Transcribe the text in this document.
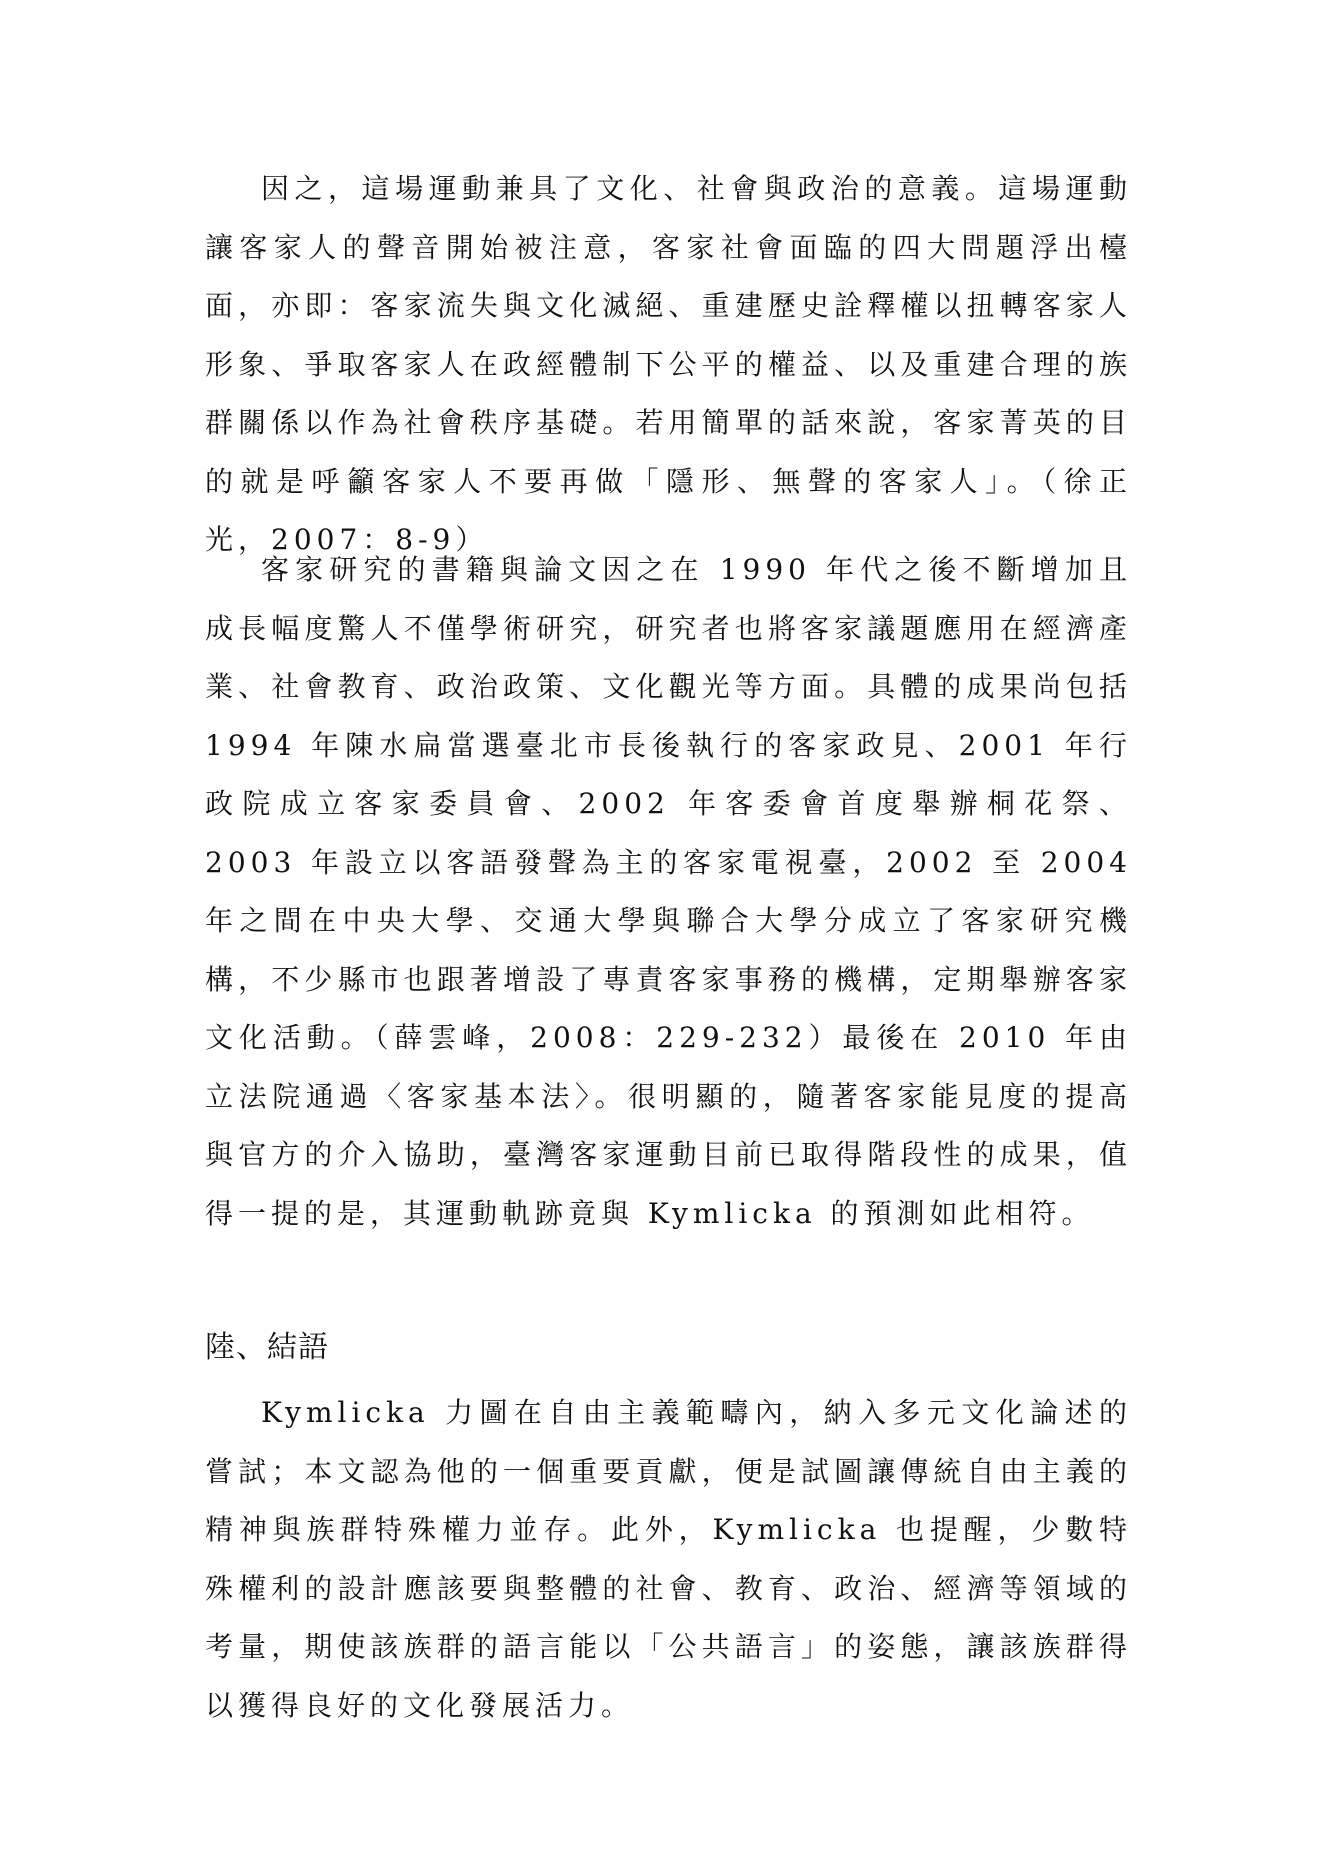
因之，這場運動兼具了文化、社會與政治的意義。這場運動讓客家人的聲音開始被注意，客家社會面臨的四大問題浮出檯面，亦即：客家流失與文化滅絕、重建歷史詮釋權以扭轉客家人形象、爭取客家人在政經體制下公平的權益、以及重建合理的族群關係以作為社會秩序基礎。若用簡單的話來說，客家菁英的目的就是呼籲客家人不要再做「隱形、無聲的客家人」。（徐正光，2007：8-9）

客家研究的書籍與論文因之在 1990 年代之後不斷增加且成長幅度驚人不僅學術研究，研究者也將客家議題應用在經濟產業、社會教育、政治政策、文化觀光等方面。具體的成果尚包括 1994 年陳水扁當選臺北市長後執行的客家政見、2001 年行政院成立客家委員會、2002 年客委會首度舉辦桐花祭、 2003 年設立以客語發聲為主的客家電視臺，2002 至 2004 年之間在中央大學、交通大學與聯合大學分成立了客家研究機構，不少縣市也跟著增設了專責客家事務的機構，定期舉辦客家文化活動。（薛雲峰，2008：229-232）最後在 2010 年由立法院通過〈客家基本法〉。很明顯的，隨著客家能見度的提高與官方的介入協助，臺灣客家運動目前已取得階段性的成果，值得一提的是，其運動軌跡竟與 Kymlicka 的預測如此相符。

陸、結語

Kymlicka 力圖在自由主義範疇內，納入多元文化論述的嘗試；本文認為他的一個重要貢獻，便是試圖讓傳統自由主義的精神與族群特殊權力並存。此外，Kymlicka 也提醒，少數特殊權利的設計應該要與整體的社會、教育、政治、經濟等領域的考量，期使該族群的語言能以「公共語言」的姿態，讓該族群得以獲得良好的文化發展活力。
